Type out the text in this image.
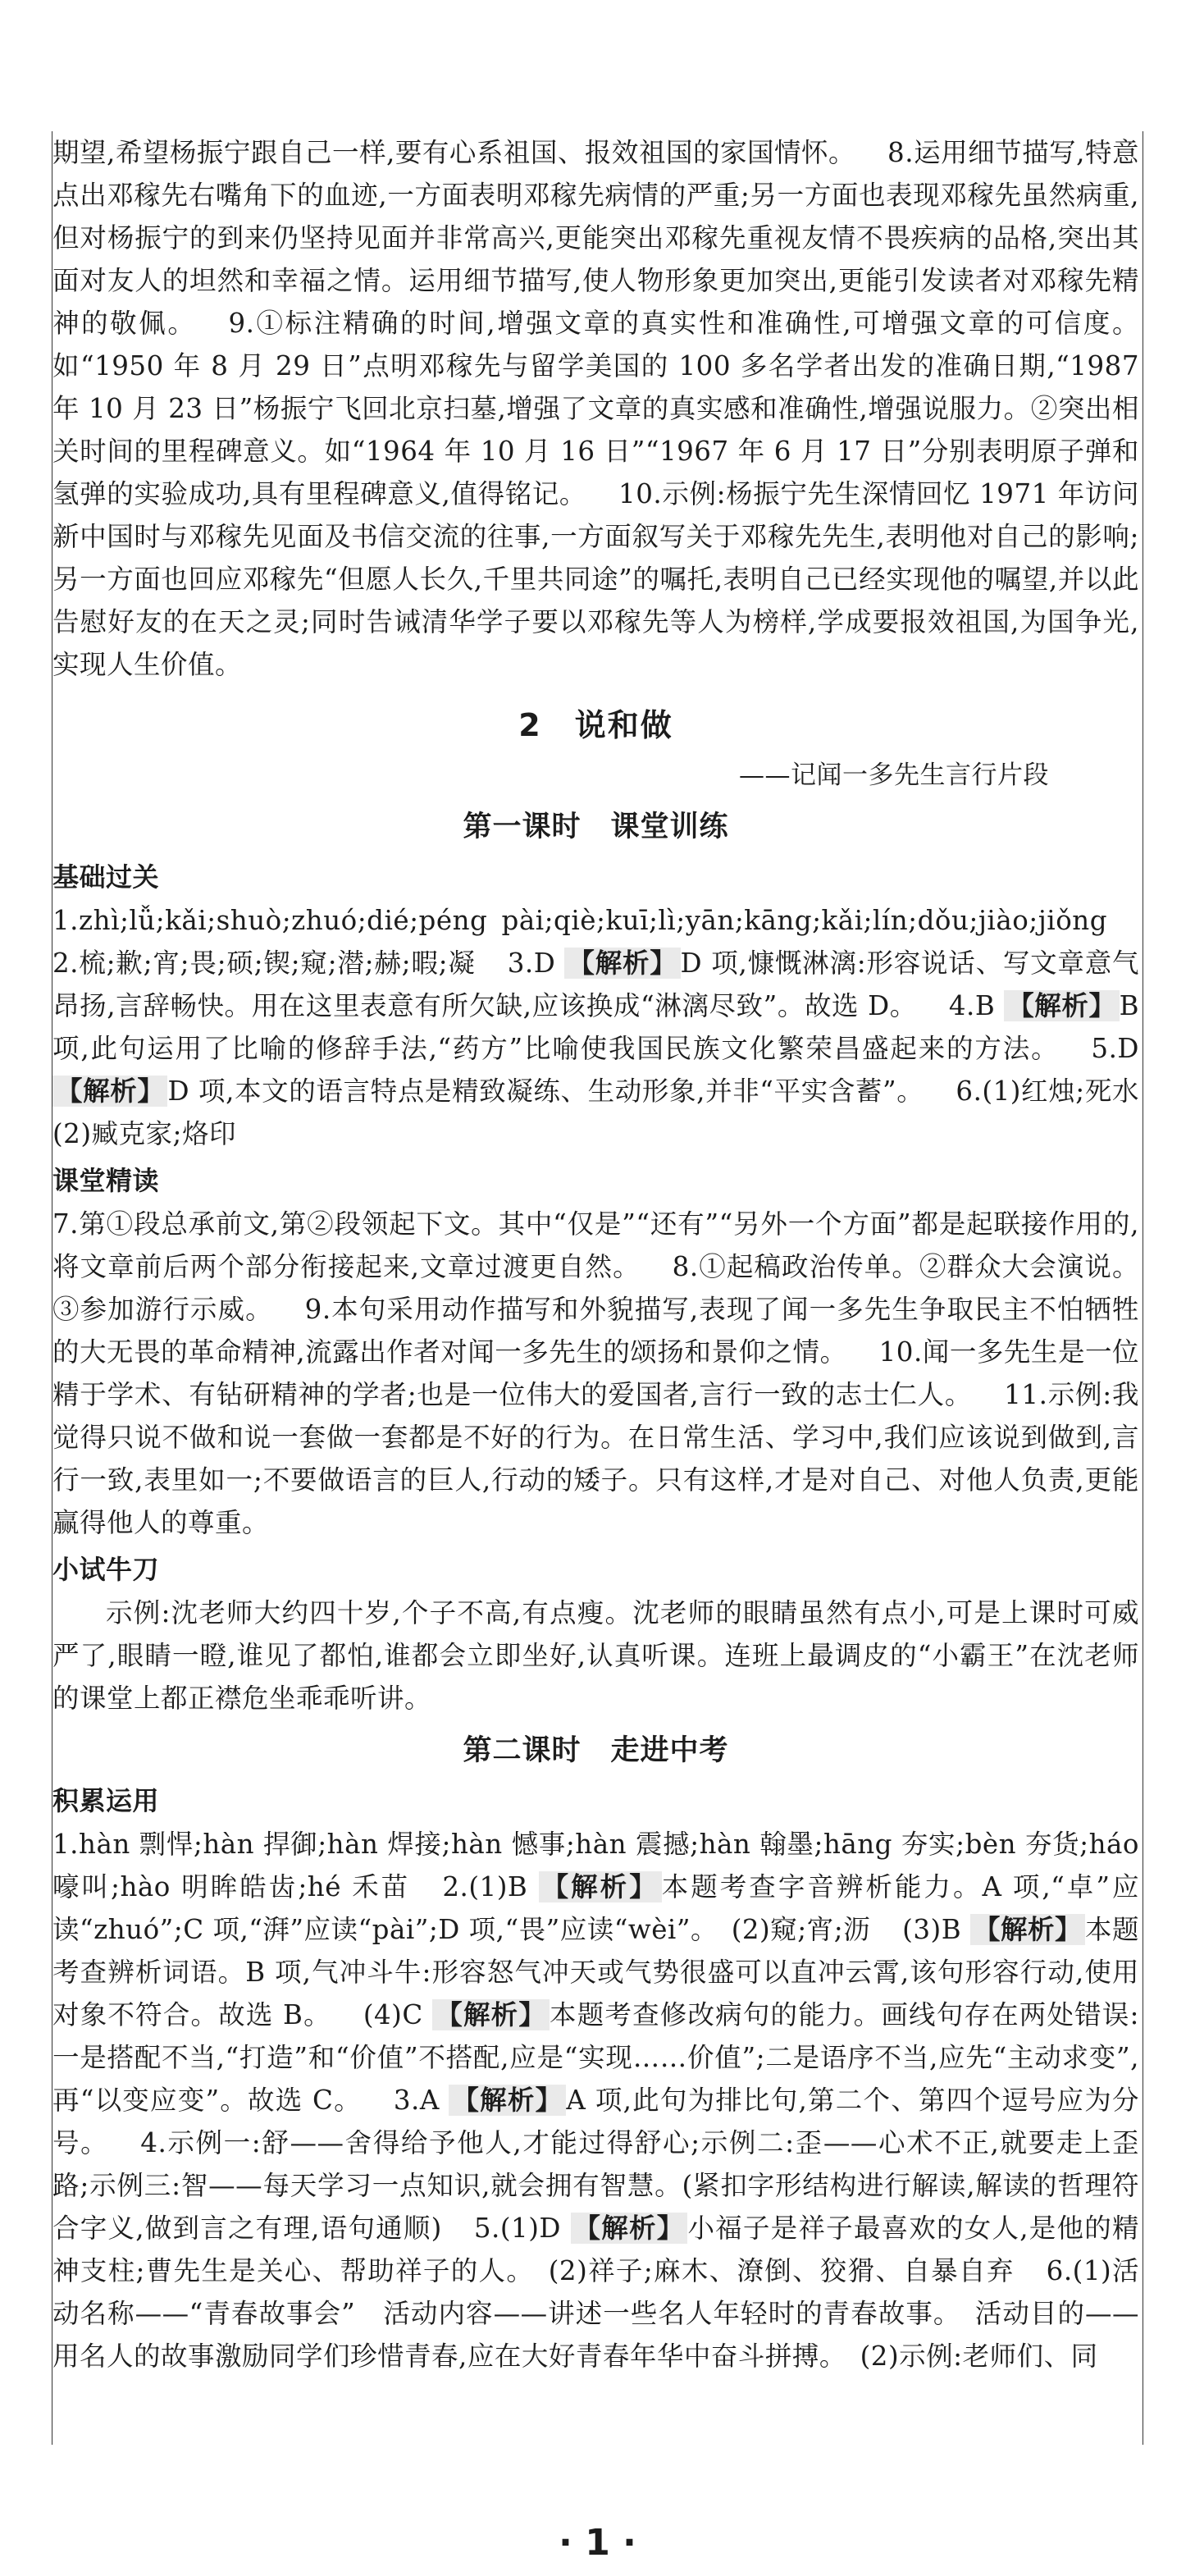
期望,希望杨振宁跟自己一样,要有心系祖国、报效祖国的家国情怀。 8.运用细节描写,特意点出邓稼先右嘴角下的血迹,一方面表明邓稼先病情的严重;另一方面也表现邓稼先虽然病重,但对杨振宁的到来仍坚持见面并非常高兴,更能突出邓稼先重视友情不畏疾病的品格,突出其面对友人的坦然和幸福之情。运用细节描写,使人物形象更加突出,更能引发读者对邓稼先精神的敬佩。 9.①标注精确的时间,增强文章的真实性和准确性,可增强文章的可信度。如“1950 年 8 月 29 日”点明邓稼先与留学美国的 100 多名学者出发的准确日期,“1987 年 10 月 23 日”杨振宁飞回北京扫墓,增强了文章的真实感和准确性,增强说服力。②突出相关时间的里程碑意义。如“1964 年 10 月 16 日”“1967 年 6 月 17 日”分别表明原子弹和氢弹的实验成功,具有里程碑意义,值得铭记。 10.示例:杨振宁先生深情回忆 1971 年访问新中国时与邓稼先见面及书信交流的往事,一方面叙写关于邓稼先先生,表明他对自己的影响;另一方面也回应邓稼先“但愿人长久,千里共同途”的嘱托,表明自己已经实现他的嘱望,并以此告慰好友的在天之灵;同时告诫清华学子要以邓稼先等人为榜样,学成要报效祖国,为国争光,实现人生价值。

2　说和做
——记闻一多先生言行片段
第一课时　课堂训练
基础过关

1.zhì;lǚ;kǎi;shuò;zhuó;dié;péng pài;qiè;kuī;lì;yān;kāng;kǎi;lín;dǒu;jiào;jiǒng2.梳;歉;宵;畏;硕;锲;窥;潜;赫;暇;凝 3.D 【解析】 D 项,慷慨淋漓:形容说话、写文章意气昂扬,言辞畅快。用在这里表意有所欠缺,应该换成“淋漓尽致”。故选 D。 4.B 【解析】 B 项,此句运用了比喻的修辞手法,“药方”比喻使我国民族文化繁荣昌盛起来的方法。 5.D 【解析】 D 项,本文的语言特点是精致凝练、生动形象,并非“平实含蓄”。 6.(1)红烛;死水　(2)臧克家;烙印

课堂精读

7.第①段总承前文,第②段领起下文。其中“仅是”“还有”“另外一个方面”都是起联接作用的,将文章前后两个部分衔接起来,文章过渡更自然。 8.①起稿政治传单。②群众大会演说。③参加游行示威。 9.本句采用动作描写和外貌描写,表现了闻一多先生争取民主不怕牺牲的大无畏的革命精神,流露出作者对闻一多先生的颂扬和景仰之情。 10.闻一多先生是一位精于学术、有钻研精神的学者;也是一位伟大的爱国者,言行一致的志士仁人。 11.示例:我觉得只说不做和说一套做一套都是不好的行为。在日常生活、学习中,我们应该说到做到,言行一致,表里如一;不要做语言的巨人,行动的矮子。只有这样,才是对自己、对他人负责,更能赢得他人的尊重。

小试牛刀

示例:沈老师大约四十岁,个子不高,有点瘦。沈老师的眼睛虽然有点小,可是上课时可威严了,眼睛一瞪,谁见了都怕,谁都会立即坐好,认真听课。连班上最调皮的“小霸王”在沈老师的课堂上都正襟危坐乖乖听讲。

第二课时　走进中考
积累运用

1.hàn 剽悍;hàn 捍御;hàn 焊接;hàn 憾事;hàn 震撼;hàn 翰墨;hāng 夯实;bèn 夯货;háo 嚎叫;hào 明眸皓齿;hé 禾苗 2.(1)B 【解析】 本题考查字音辨析能力。A 项,“卓”应读“zhuó”;C 项,“湃”应读“pài”;D 项,“畏”应读“wèi”。　(2)窥;宵;沥 (3)B 【解析】 本题考查辨析词语。B 项,气冲斗牛:形容怒气冲天或气势很盛可以直冲云霄,该句形容行动,使用对象不符合。故选 B。 (4)C 【解析】 本题考查修改病句的能力。画线句存在两处错误:一是搭配不当,“打造”和“价值”不搭配,应是“实现……价值”;二是语序不当,应先“主动求变”,再“以变应变”。故选 C。 3.A 【解析】 A 项,此句为排比句,第二个、第四个逗号应为分号。 4.示例一:舒——舍得给予他人,才能过得舒心;示例二:歪——心术不正,就要走上歪路;示例三:智——每天学习一点知识,就会拥有智慧。(紧扣字形结构进行解读,解读的哲理符合字义,做到言之有理,语句通顺) 5.(1)D 【解析】 小福子是祥子最喜欢的女人,是他的精神支柱;曹先生是关心、帮助祥子的人。　(2)祥子;麻木、潦倒、狡猾、自暴自弃 6.(1)活动名称——“青春故事会”　活动内容——讲述一些名人年轻时的青春故事。　活动目的——用名人的故事激励同学们珍惜青春,应在大好青春年华中奋斗拼搏。　(2)示例:老师们、同

· 1 ·
